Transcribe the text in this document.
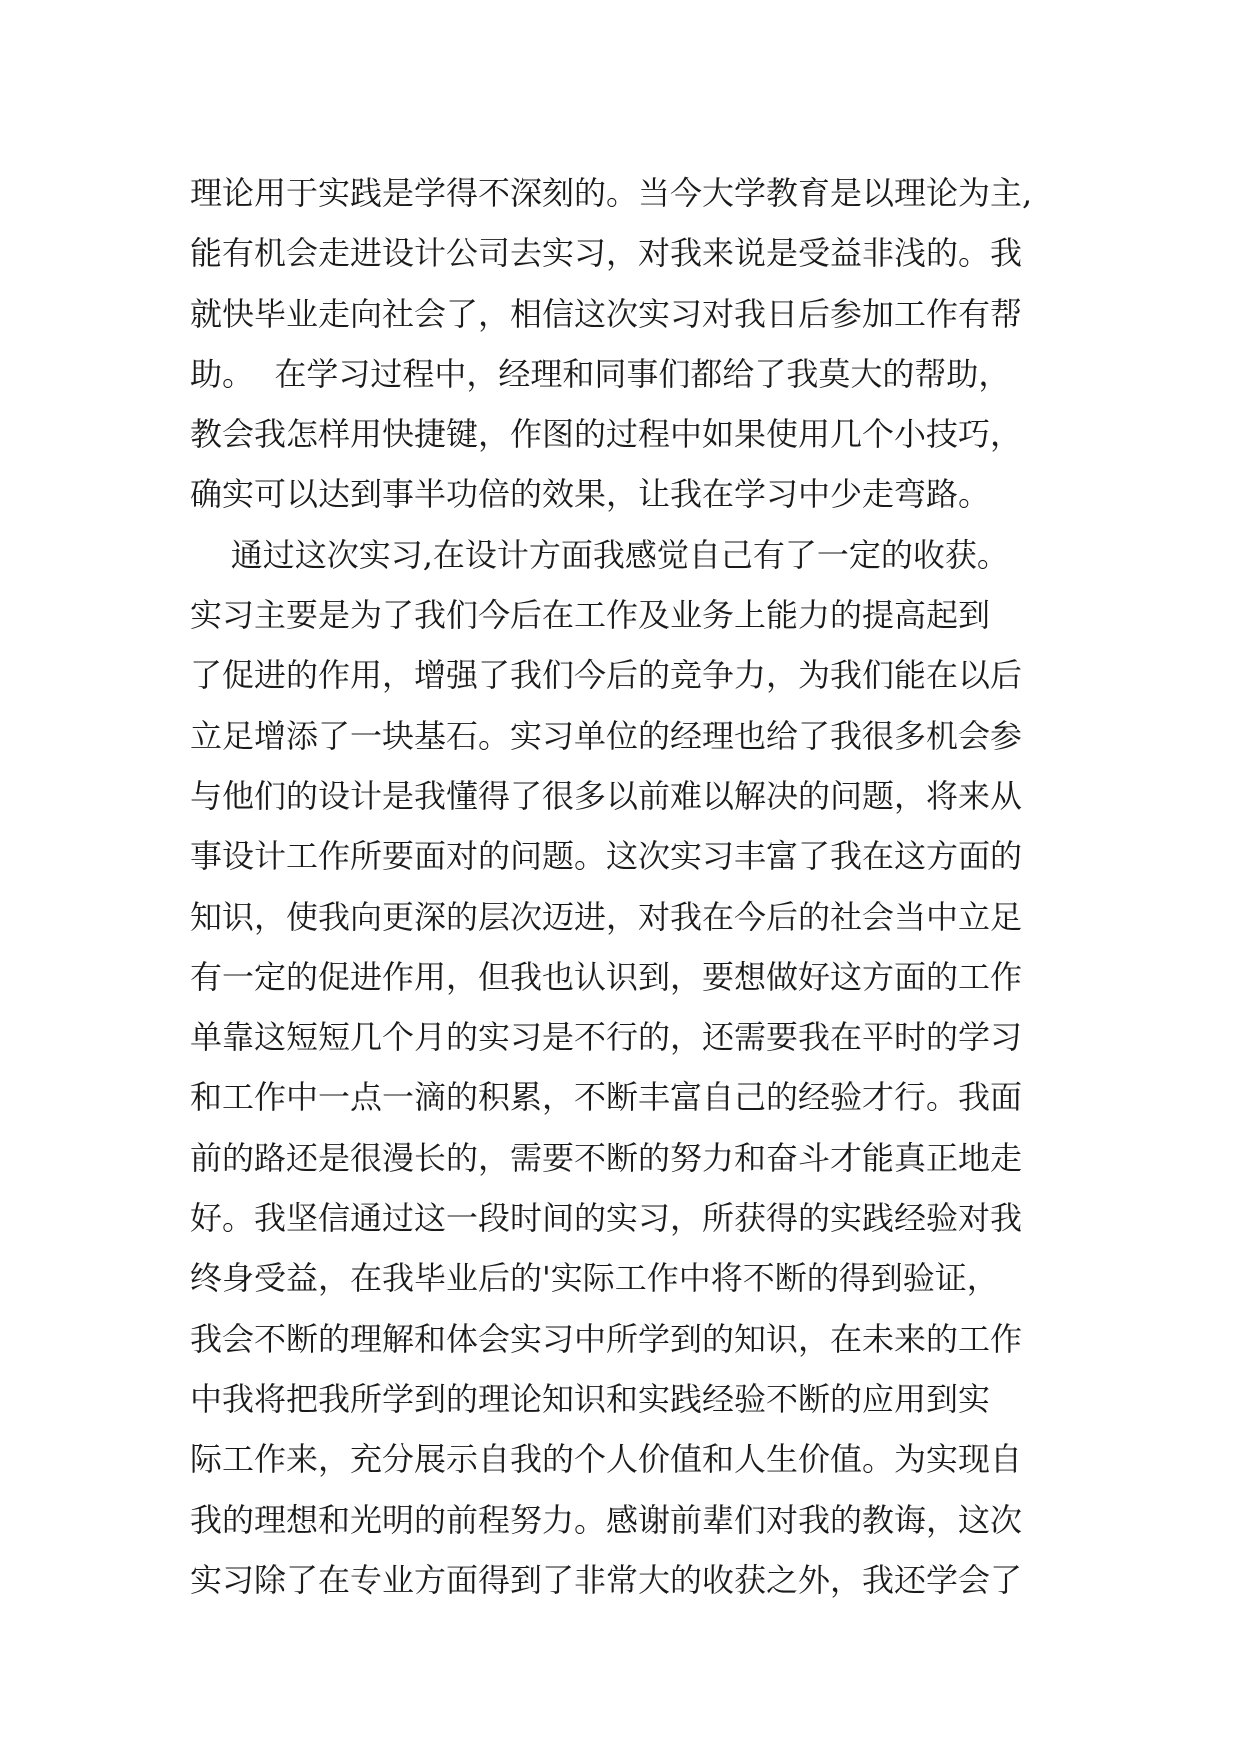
理论用于实践是学得不深刻的。当今大学教育是以理论为主,
能有机会走进设计公司去实习，对我来说是受益非浅的。我
就快毕业走向社会了，相信这次实习对我日后参加工作有帮
助。  在学习过程中，经理和同事们都给了我莫大的帮助，
教会我怎样用快捷键，作图的过程中如果使用几个小技巧，
确实可以达到事半功倍的效果，让我在学习中少走弯路。
通过这次实习,在设计方面我感觉自己有了一定的收获。
实习主要是为了我们今后在工作及业务上能力的提高起到
了促进的作用，增强了我们今后的竞争力，为我们能在以后
立足增添了一块基石。实习单位的经理也给了我很多机会参
与他们的设计是我懂得了很多以前难以解决的问题，将来从
事设计工作所要面对的问题。这次实习丰富了我在这方面的
知识，使我向更深的层次迈进，对我在今后的社会当中立足
有一定的促进作用，但我也认识到，要想做好这方面的工作
单靠这短短几个月的实习是不行的，还需要我在平时的学习
和工作中一点一滴的积累，不断丰富自己的经验才行。我面
前的路还是很漫长的，需要不断的努力和奋斗才能真正地走
好。我坚信通过这一段时间的实习，所获得的实践经验对我
终身受益，在我毕业后的'实际工作中将不断的得到验证，
我会不断的理解和体会实习中所学到的知识，在未来的工作
中我将把我所学到的理论知识和实践经验不断的应用到实
际工作来，充分展示自我的个人价值和人生价值。为实现自
我的理想和光明的前程努力。感谢前辈们对我的教诲，这次
实习除了在专业方面得到了非常大的收获之外，我还学会了
